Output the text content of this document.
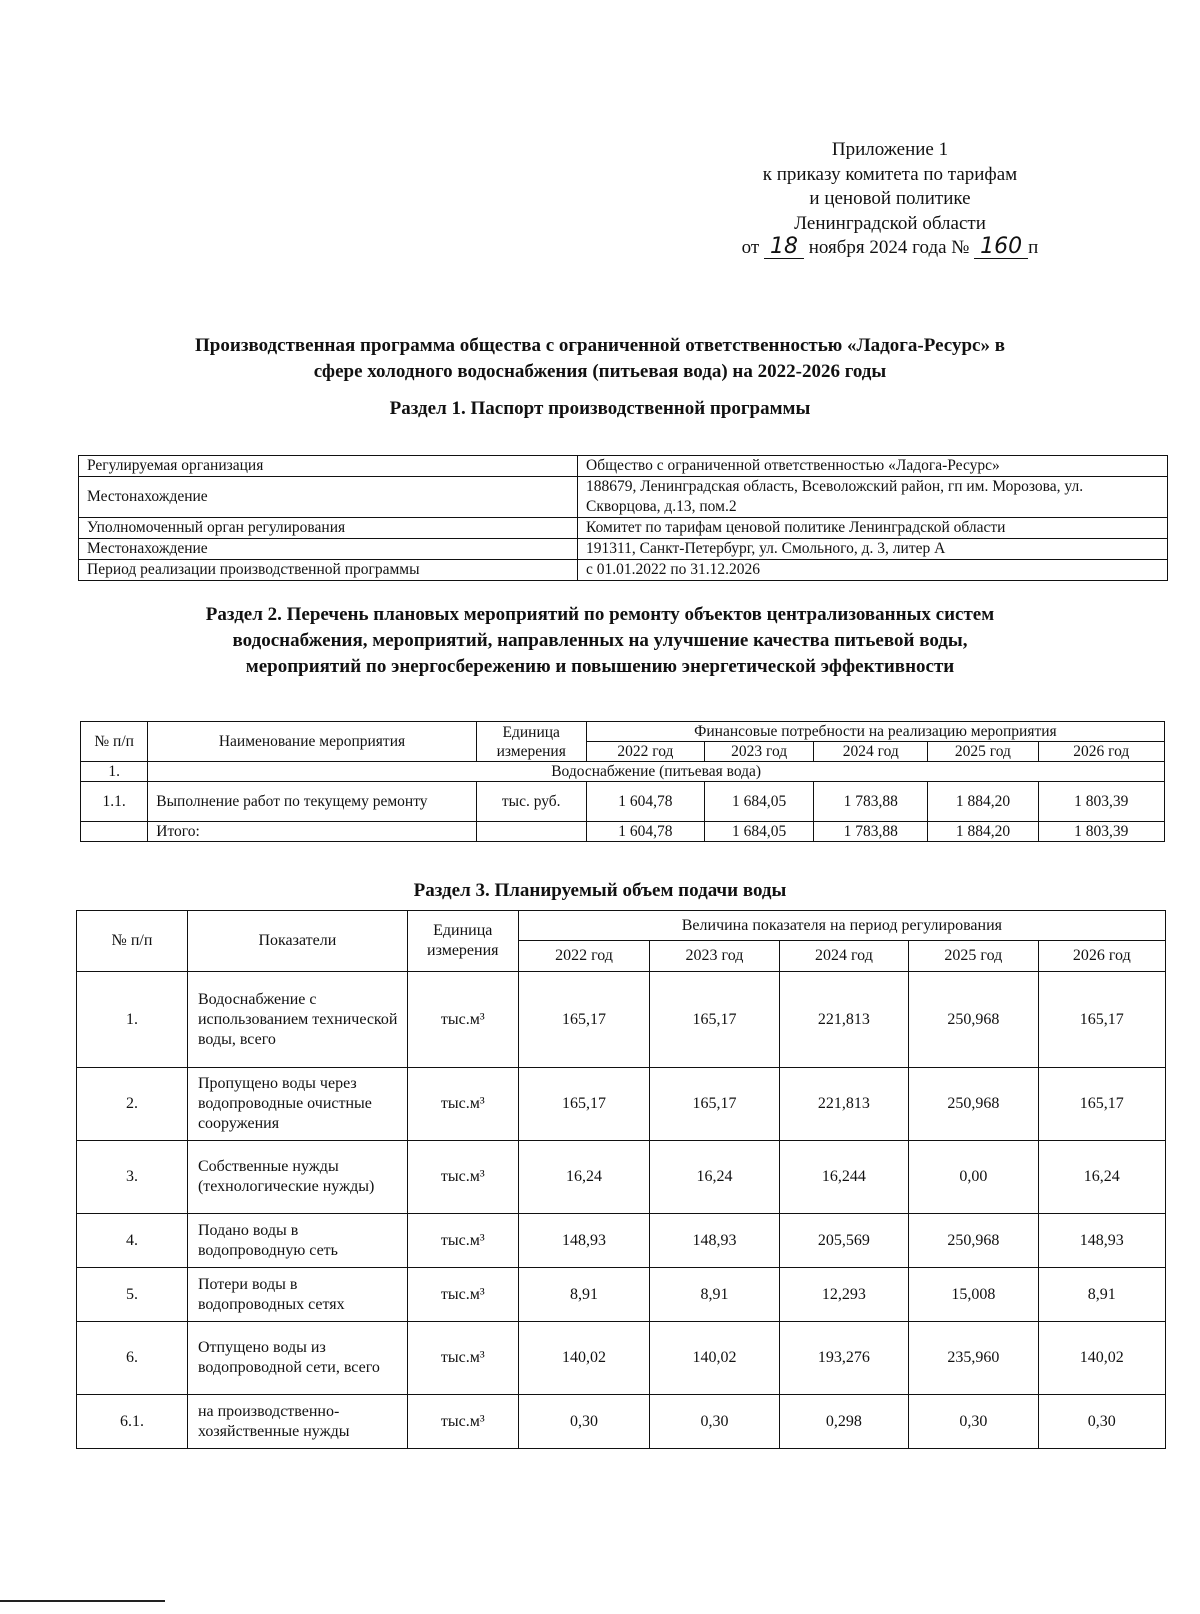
Приложение 1
к приказу комитета по тарифам
и ценовой политике
Ленинградской области
от 18 ноября 2024 года № 160 п
Производственная программа общества с ограниченной ответственностью «Ладога-Ресурс» в
сфере холодного водоснабжения (питьевая вода) на 2022-2026 годы
Раздел 1. Паспорт производственной программы
Регулируемая организация	Общество с ограниченной ответственностью «Ладога-Ресурс»
Местонахождение	188679, Ленинградская область, Всеволожский район, гп им. Морозова, ул. Скворцова, д.13, пом.2
Уполномоченный орган регулирования	Комитет по тарифам ценовой политике Ленинградской области
Местонахождение	191311, Санкт-Петербург, ул. Смольного, д. 3, литер А
Период реализации производственной программы	с 01.01.2022 по 31.12.2026
Раздел 2. Перечень плановых мероприятий по ремонту объектов централизованных систем
водоснабжения, мероприятий, направленных на улучшение качества питьевой воды,
мероприятий по энергосбережению и повышению энергетической эффективности
№ п/п	Наименование мероприятия	Единица измерения	Финансовые потребности на реализацию мероприятия				
			2022 год	2023 год	2024 год	2025 год	2026 год
1.	Водоснабжение (питьевая вода)						
1.1.	Выполнение работ по текущему ремонту	тыс. руб.	1 604,78	1 684,05	1 783,88	1 884,20	1 803,39
	Итого:		1 604,78	1 684,05	1 783,88	1 884,20	1 803,39
Раздел 3. Планируемый объем подачи воды
№ п/п	Показатели	Единица измерения	Величина показателя на период регулирования				
			2022 год	2023 год	2024 год	2025 год	2026 год
1.	Водоснабжение с использованием технической воды, всего	тыс.м³	165,17	165,17	221,813	250,968	165,17
2.	Пропущено воды через водопроводные очистные сооружения	тыс.м³	165,17	165,17	221,813	250,968	165,17
3.	Собственные нужды (технологические нужды)	тыс.м³	16,24	16,24	16,244	0,00	16,24
4.	Подано воды в водопроводную сеть	тыс.м³	148,93	148,93	205,569	250,968	148,93
5.	Потери воды в водопроводных сетях	тыс.м³	8,91	8,91	12,293	15,008	8,91
6.	Отпущено воды из водопроводной сети, всего	тыс.м³	140,02	140,02	193,276	235,960	140,02
6.1.	на производственно-хозяйственные нужды	тыс.м³	0,30	0,30	0,298	0,30	0,30
